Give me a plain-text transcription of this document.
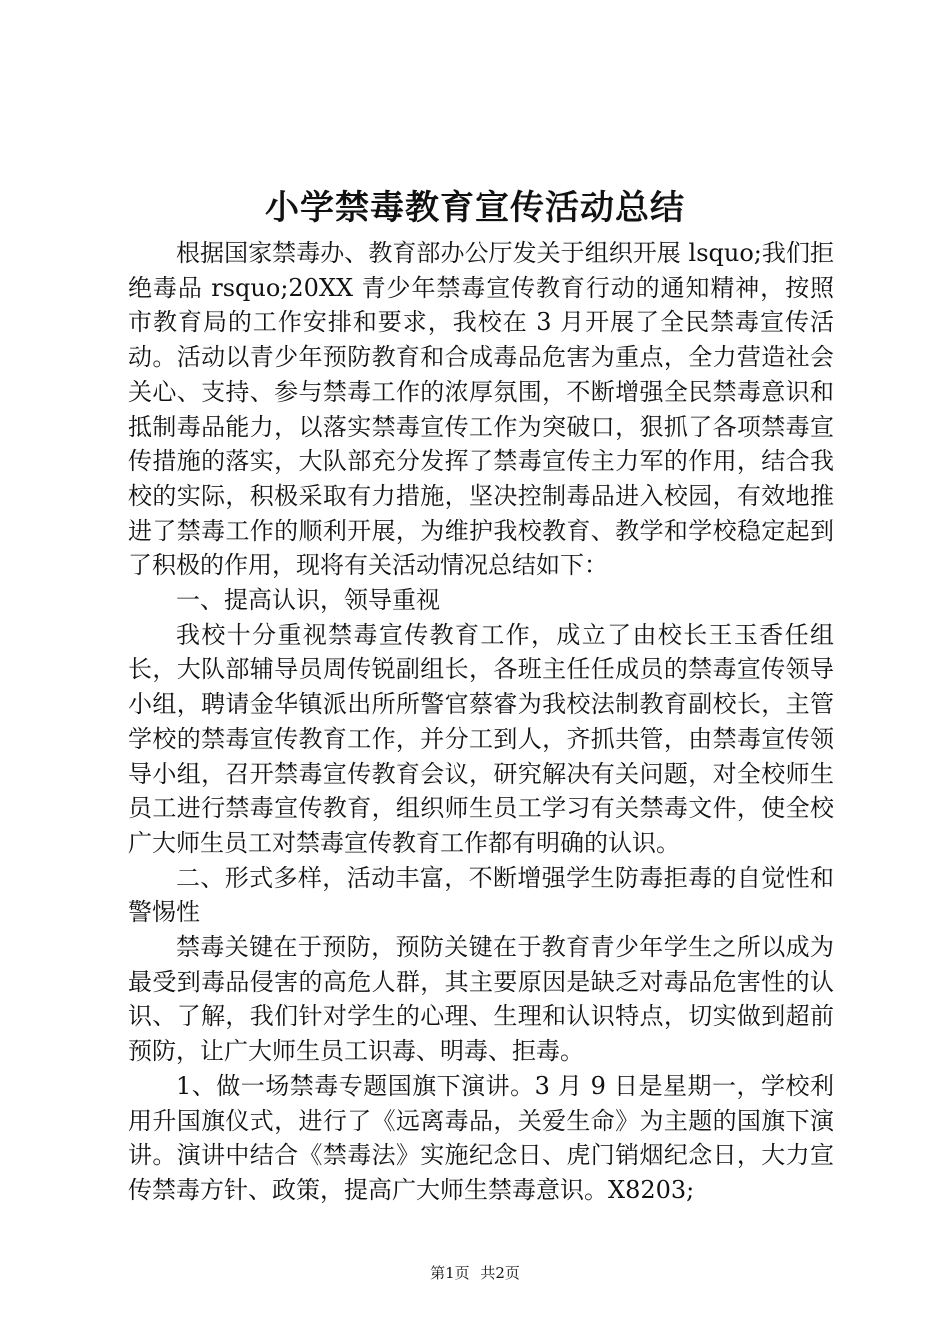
小学禁毒教育宣传活动总结

根据国家禁毒办、教育部办公厅发关于组织开展 lsquo;我们拒绝毒品 rsquo;20XX 青少年禁毒宣传教育行动的通知精神，按照市教育局的工作安排和要求，我校在 3 月开展了全民禁毒宣传活动。活动以青少年预防教育和合成毒品危害为重点，全力营造社会关心、支持、参与禁毒工作的浓厚氛围，不断增强全民禁毒意识和抵制毒品能力，以落实禁毒宣传工作为突破口，狠抓了各项禁毒宣传措施的落实，大队部充分发挥了禁毒宣传主力军的作用，结合我校的实际，积极采取有力措施，坚决控制毒品进入校园，有效地推进了禁毒工作的顺利开展，为维护我校教育、教学和学校稳定起到了积极的作用，现将有关活动情况总结如下：

一、提高认识，领导重视

我校十分重视禁毒宣传教育工作，成立了由校长王玉香任组长，大队部辅导员周传锐副组长，各班主任任成员的禁毒宣传领导小组，聘请金华镇派出所所警官蔡睿为我校法制教育副校长，主管学校的禁毒宣传教育工作，并分工到人，齐抓共管，由禁毒宣传领导小组，召开禁毒宣传教育会议，研究解决有关问题，对全校师生员工进行禁毒宣传教育，组织师生员工学习有关禁毒文件，使全校广大师生员工对禁毒宣传教育工作都有明确的认识。

二、形式多样，活动丰富，不断增强学生防毒拒毒的自觉性和警惕性

禁毒关键在于预防，预防关键在于教育青少年学生之所以成为最受到毒品侵害的高危人群，其主要原因是缺乏对毒品危害性的认识、了解，我们针对学生的心理、生理和认识特点，切实做到超前预防，让广大师生员工识毒、明毒、拒毒。

1、做一场禁毒专题国旗下演讲。3 月 9 日是星期一，学校利用升国旗仪式，进行了《远离毒品，关爱生命》为主题的国旗下演讲。演讲中结合《禁毒法》实施纪念日、虎门销烟纪念日，大力宣传禁毒方针、政策，提高广大师生禁毒意识。X8203;

第1页 共2页
